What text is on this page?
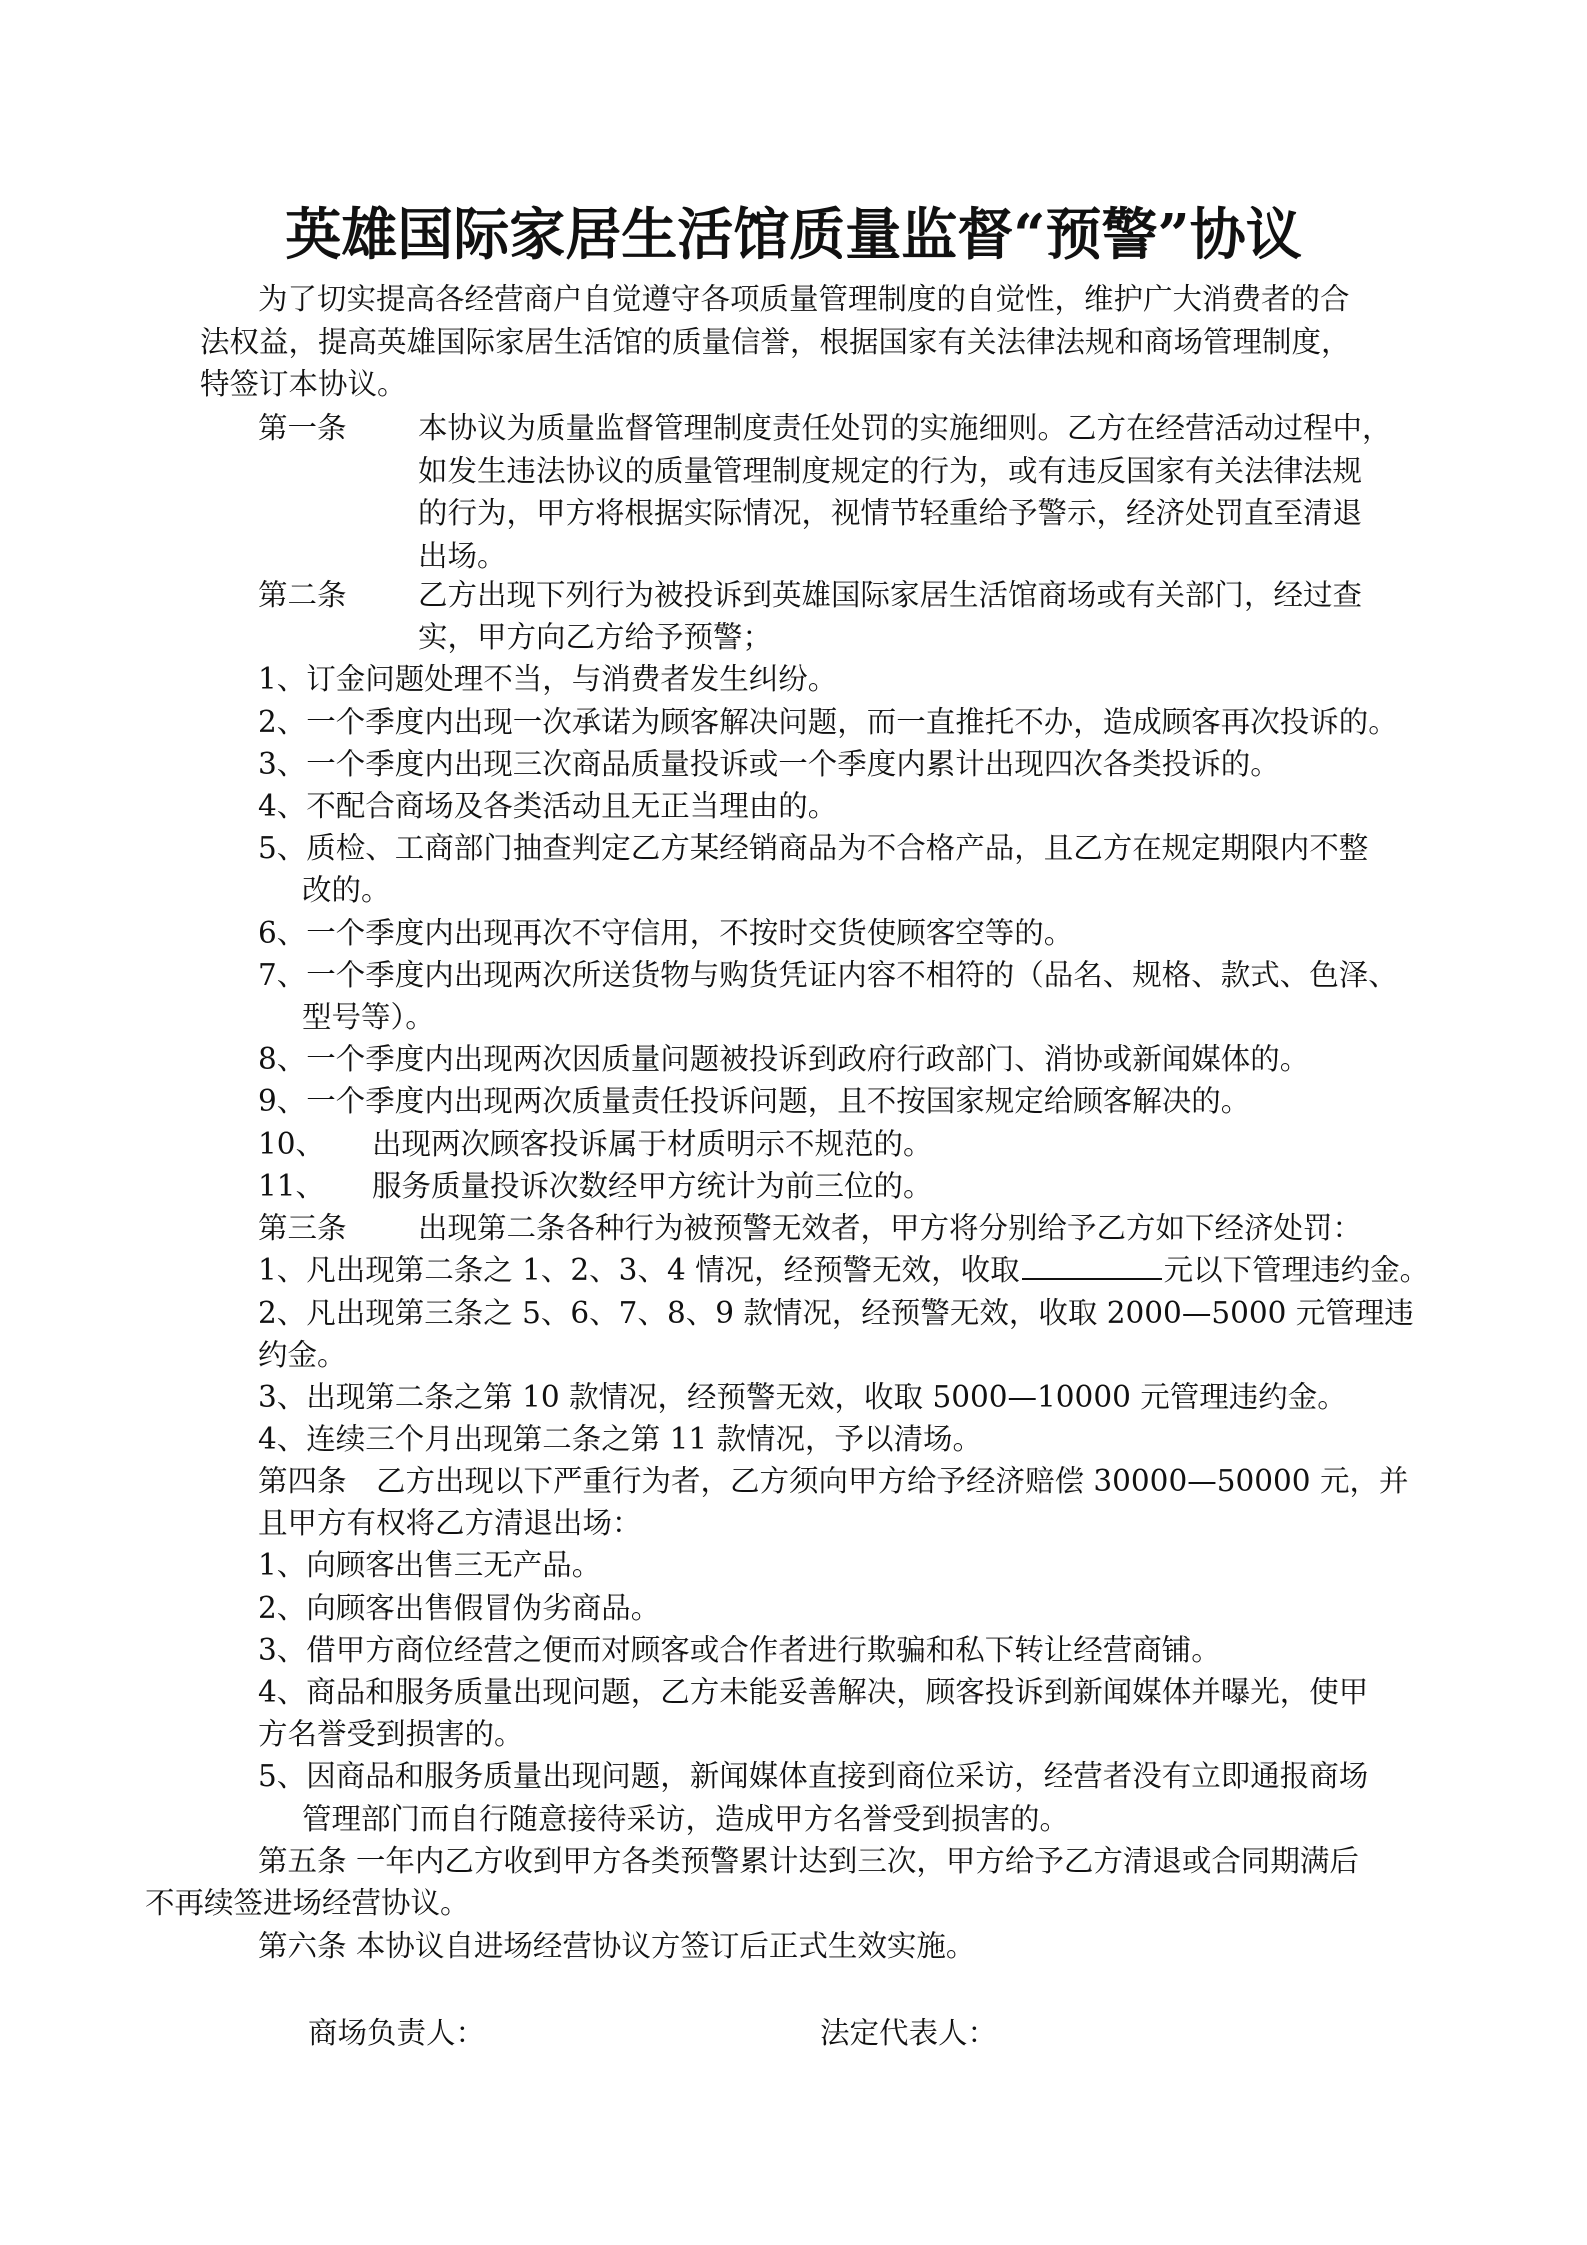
英雄国际家居生活馆质量监督“预警”协议
为了切实提高各经营商户自觉遵守各项质量管理制度的自觉性，维护广大消费者的合
法权益，提高英雄国际家居生活馆的质量信誉，根据国家有关法律法规和商场管理制度，
特签订本协议。
第一条 本协议为质量监督管理制度责任处罚的实施细则。乙方在经营活动过程中，
如发生违法协议的质量管理制度规定的行为，或有违反国家有关法律法规
的行为，甲方将根据实际情况，视情节轻重给予警示，经济处罚直至清退
出场。
第二条 乙方出现下列行为被投诉到英雄国际家居生活馆商场或有关部门，经过查
实，甲方向乙方给予预警；
1、订金问题处理不当，与消费者发生纠纷。
2、一个季度内出现一次承诺为顾客解决问题，而一直推托不办，造成顾客再次投诉的。
3、一个季度内出现三次商品质量投诉或一个季度内累计出现四次各类投诉的。
4、不配合商场及各类活动且无正当理由的。
5、质检、工商部门抽查判定乙方某经销商品为不合格产品，且乙方在规定期限内不整
改的。
6、一个季度内出现再次不守信用，不按时交货使顾客空等的。
7、一个季度内出现两次所送货物与购货凭证内容不相符的（品名、规格、款式、色泽、
型号等）。
8、一个季度内出现两次因质量问题被投诉到政府行政部门、消协或新闻媒体的。
9、一个季度内出现两次质量责任投诉问题，且不按国家规定给顾客解决的。
10、 出现两次顾客投诉属于材质明示不规范的。
11、 服务质量投诉次数经甲方统计为前三位的。
第三条 出现第二条各种行为被预警无效者，甲方将分别给予乙方如下经济处罚：
1、凡出现第二条之 1、2、3、4 情况，经预警无效，收取	元以下管理违约金。
2、凡出现第三条之 5、6、7、8、9 款情况，经预警无效，收取 2000—5000 元管理违
约金。
3、出现第二条之第 10 款情况，经预警无效，收取 5000—10000 元管理违约金。
4、连续三个月出现第二条之第 11 款情况，予以清场。
第四条　乙方出现以下严重行为者，乙方须向甲方给予经济赔偿 30000—50000 元，并
且甲方有权将乙方清退出场：
1、向顾客出售三无产品。
2、向顾客出售假冒伪劣商品。
3、借甲方商位经营之便而对顾客或合作者进行欺骗和私下转让经营商铺。
4、商品和服务质量出现问题，乙方未能妥善解决，顾客投诉到新闻媒体并曝光，使甲
方名誉受到损害的。
5、因商品和服务质量出现问题，新闻媒体直接到商位采访，经营者没有立即通报商场
管理部门而自行随意接待采访，造成甲方名誉受到损害的。
第五条 一年内乙方收到甲方各类预警累计达到三次，甲方给予乙方清退或合同期满后
不再续签进场经营协议。
第六条 本协议自进场经营协议方签订后正式生效实施。
商场负责人：	法定代表人：
